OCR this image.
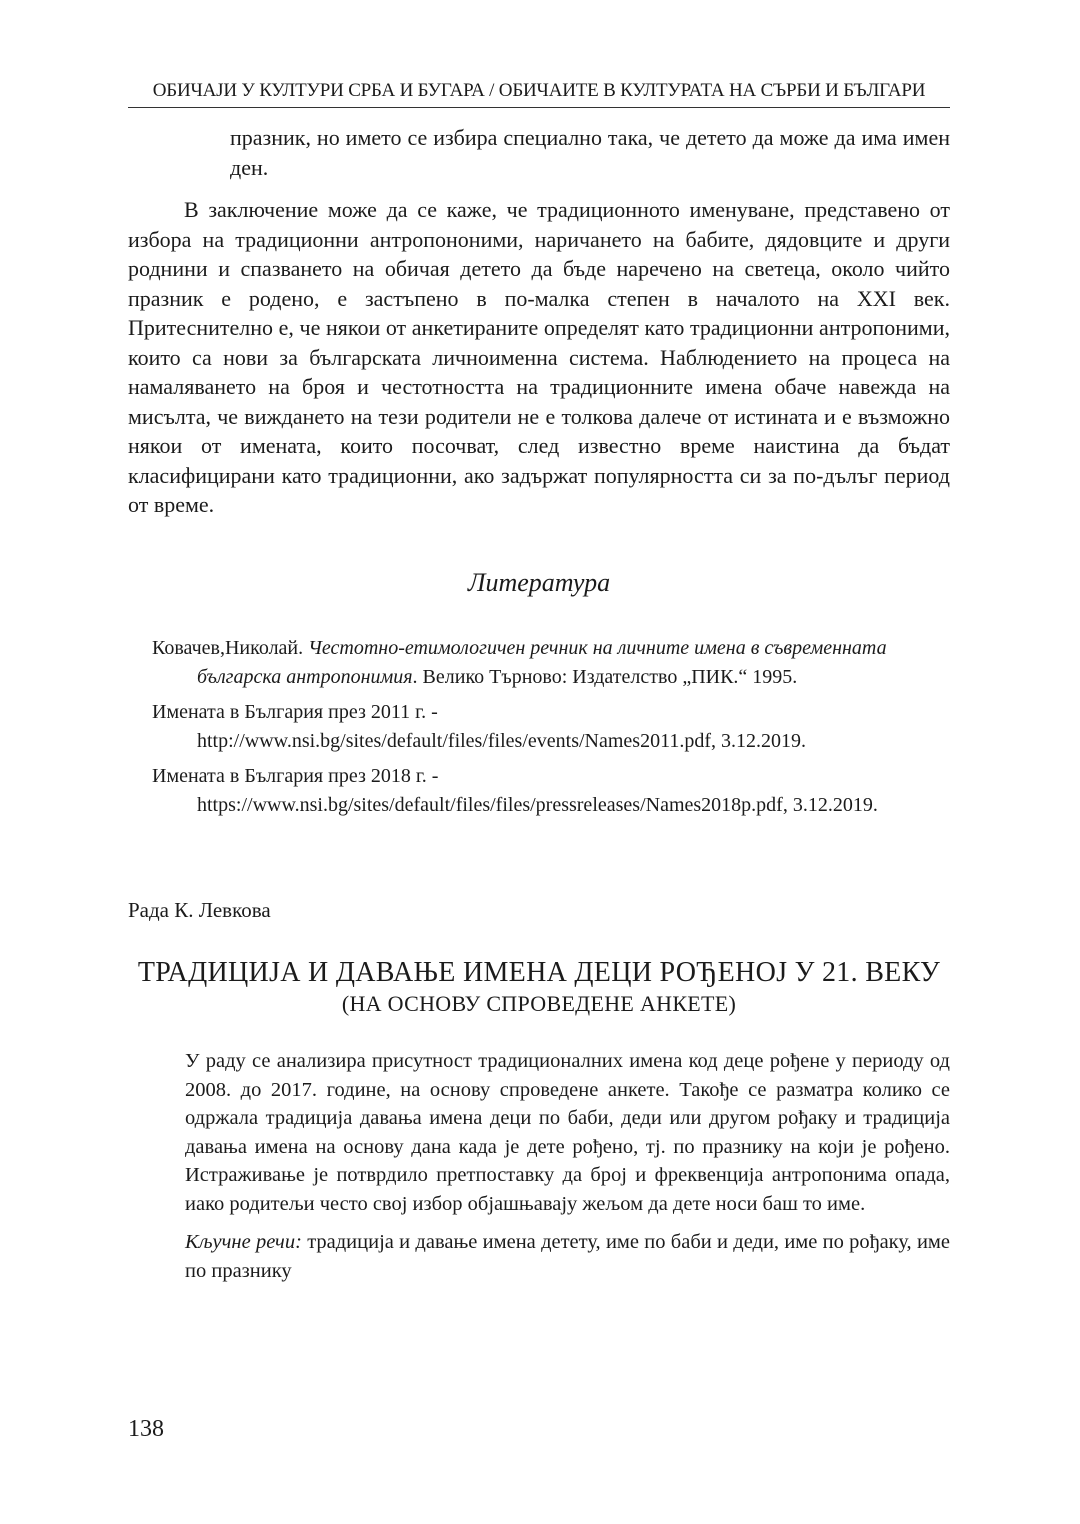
ОБИЧАЈИ У КУЛТУРИ СРБА И БУГАРА / ОБИЧАИТЕ В КУЛТУРАТА НА СЪРБИ И БЪЛГАРИ
празник, но името се избира специално така, че детето да може да има имен ден.

В заключение може да се каже, че традиционното именуване, представено от избора на традиционни антропононими, наричането на бабите, дядовците и други роднини и спазването на обичая детето да бъде наречено на светеца, около чийто празник е родено, е застъпено в по-малка степен в началото на XXI век. Притеснително е, че някои от анкетираните определят като традиционни антропоними, които са нови за българската личноименна система. Наблюдението на процеса на намаляването на броя и честотността на традиционните имена обаче навежда на мисълта, че виждането на тези родители не е толкова далече от истината и е възможно някои от имената, които посочват, след известно време наистина да бъдат класифицирани като традиционни, ако задържат популярността си за по-дълъг период от време.

Литература
Ковачев,Николай. Честотно-етимологичен речник на личните имена в съвременната българска антропонимия. Велико Търново: Издателство „ПИК.“ 1995.
Имената в България през 2011 г. - http://www.nsi.bg/sites/default/files/files/events/Names2011.pdf, 3.12.2019.
Имената в България през 2018 г. - https://www.nsi.bg/sites/default/files/files/pressreleases/Names2018p.pdf, 3.12.2019.
Рада К. Левкова
ТРАДИЦИЈА И ДАВАЊЕ ИМЕНА ДЕЦИ РОЂЕНОЈ У 21. ВЕКУ
(НА ОСНОВУ СПРОВЕДЕНЕ АНКЕТЕ)

У раду се анализира присутност традиционалних имена код деце рођене у периоду од 2008. до 2017. године, на основу спроведене анкете. Такође се разматра колико се одржала традиција давања имена деци по баби, деди или другом рођаку и традиција давања имена на основу дана када је дете рођено, тј. по празнику на који је рођено. Истраживање је потврдило претпоставку да број и фреквенција антропонима опада, иако родитељи често свој избор објашњавају жељом да дете носи баш то име.

Кључне речи: традиција и давање имена детету, име по баби и деди, име по рођаку, име по празнику

138
